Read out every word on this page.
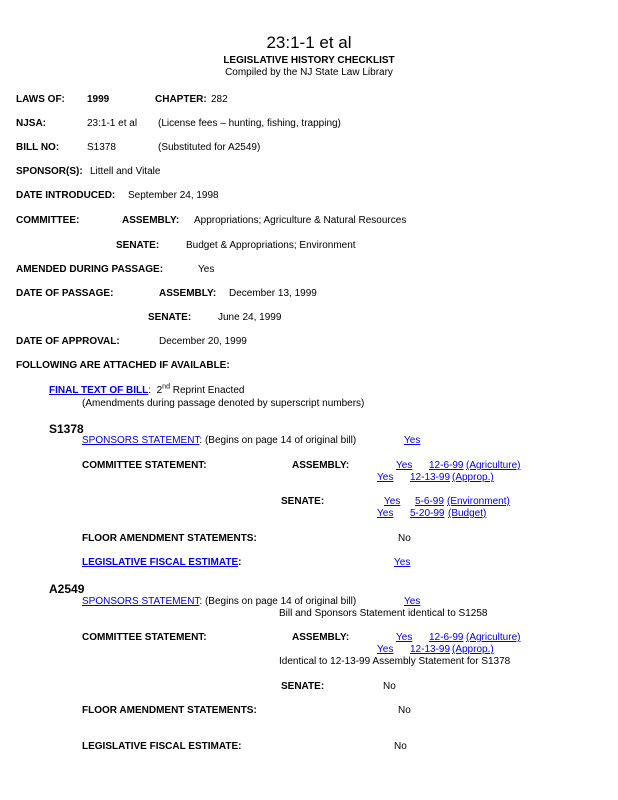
23:1-1 et al
LEGISLATIVE HISTORY CHECKLIST
Compiled by the NJ State Law Library
LAWS OF: 1999	CHAPTER: 282
NJSA:	23:1-1 et al (License fees – hunting, fishing, trapping)
BILL NO:	S1378	(Substituted for A2549)
SPONSOR(S): Littell and Vitale
DATE INTRODUCED: September 24, 1998
COMMITTEE:	ASSEMBLY: Appropriations; Agriculture & Natural Resources
SENATE:	Budget & Appropriations; Environment
AMENDED DURING PASSAGE:	Yes
DATE OF PASSAGE:	ASSEMBLY: December 13, 1999
SENATE:	June 24, 1999
DATE OF APPROVAL:	December 20, 1999
FOLLOWING ARE ATTACHED IF AVAILABLE:
FINAL TEXT OF BILL: 2nd Reprint Enacted
(Amendments during passage denoted by superscript numbers)
S1378
SPONSORS STATEMENT: (Begins on page 14 of original bill)	Yes
COMMITTEE STATEMENT:	ASSEMBLY:	Yes 12-6-99 (Agriculture)
Yes 12-13-99 (Approp.)
SENATE:	Yes 5-6-99 (Environment)
Yes 5-20-99 (Budget)
FLOOR AMENDMENT STATEMENTS:	No
LEGISLATIVE FISCAL ESTIMATE:	Yes
A2549
SPONSORS STATEMENT: (Begins on page 14 of original bill)	Yes
Bill and Sponsors Statement identical to S1258
COMMITTEE STATEMENT:	ASSEMBLY:	Yes 12-6-99 (Agriculture)
Yes 12-13-99 (Approp.)
Identical to 12-13-99 Assembly Statement for S1378
SENATE:	No
FLOOR AMENDMENT STATEMENTS:	No
LEGISLATIVE FISCAL ESTIMATE:	No
